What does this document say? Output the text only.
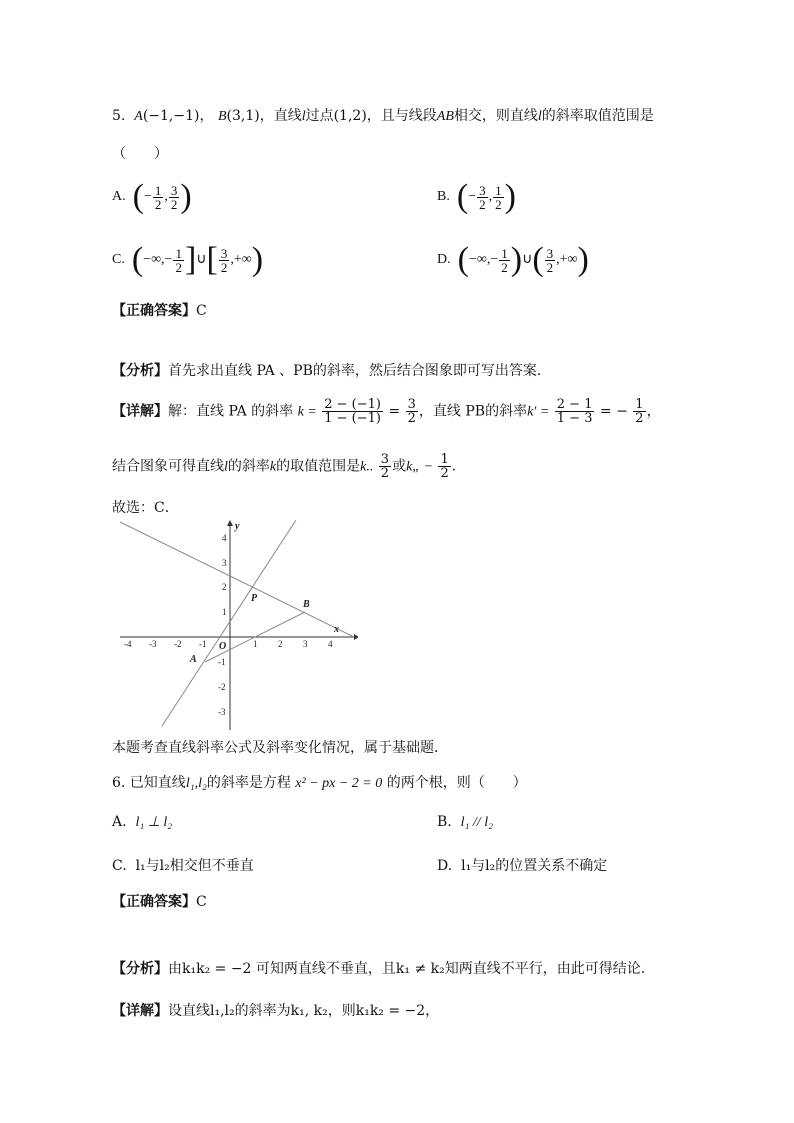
5. A(−1,−1)， B(3,1)，直线l过点(1,2)，且与线段AB相交，则直线l的斜率取值范围是
（　　）
A. (− $\frac{1}{2}$ , $\frac{3}{2}$ )	B. (− $\frac{3}{2}$ , $\frac{1}{2}$ )
C. (−∞,− $\frac{1}{2}$ ]∪[ $\frac{3}{2}$ ,+∞)	D. (−∞,− $\frac{1}{2}$ )∪( $\frac{3}{2}$ ,+∞)
【正确答案】C
【分析】首先求出直线 PA 、PB的斜率，然后结合图象即可写出答案．
【详解】解：直线 PA 的斜率 $k = \frac{2 - (-1)}{1 - (-1)} = \frac{3}{2}$ ，直线 PB的斜率$k' = \frac{2 - 1}{1 - 3}$ = − $\frac{1}{2}$ ，
结合图象可得直线l的斜率k的取值范围是k.. $\frac{3}{2}$ 或k„ − $\frac{1}{2}$ ．
故选：C．
-4 -3 -2 -1	1 2 3 4
4
3
2
1
-1
-2
-3
x
y
O
P
A
B
本题考查直线斜率公式及斜率变化情况，属于基础题．
6. 已知直线l₁,l₂的斜率是方程 x² − px − 2 = 0 的两个根，则（　　）
A. l₁ ⊥ l₂	B. l₁ // l₂
C. l₁与l₂相交但不垂直	D. l₁与l₂的位置关系不确定
【正确答案】C
【分析】由k₁k₂ = −2 可知两直线不垂直，且k₁ ≠ k₂知两直线不平行，由此可得结论.
【详解】设直线l₁,l₂的斜率为k₁, k₂，则k₁k₂ = −2，
